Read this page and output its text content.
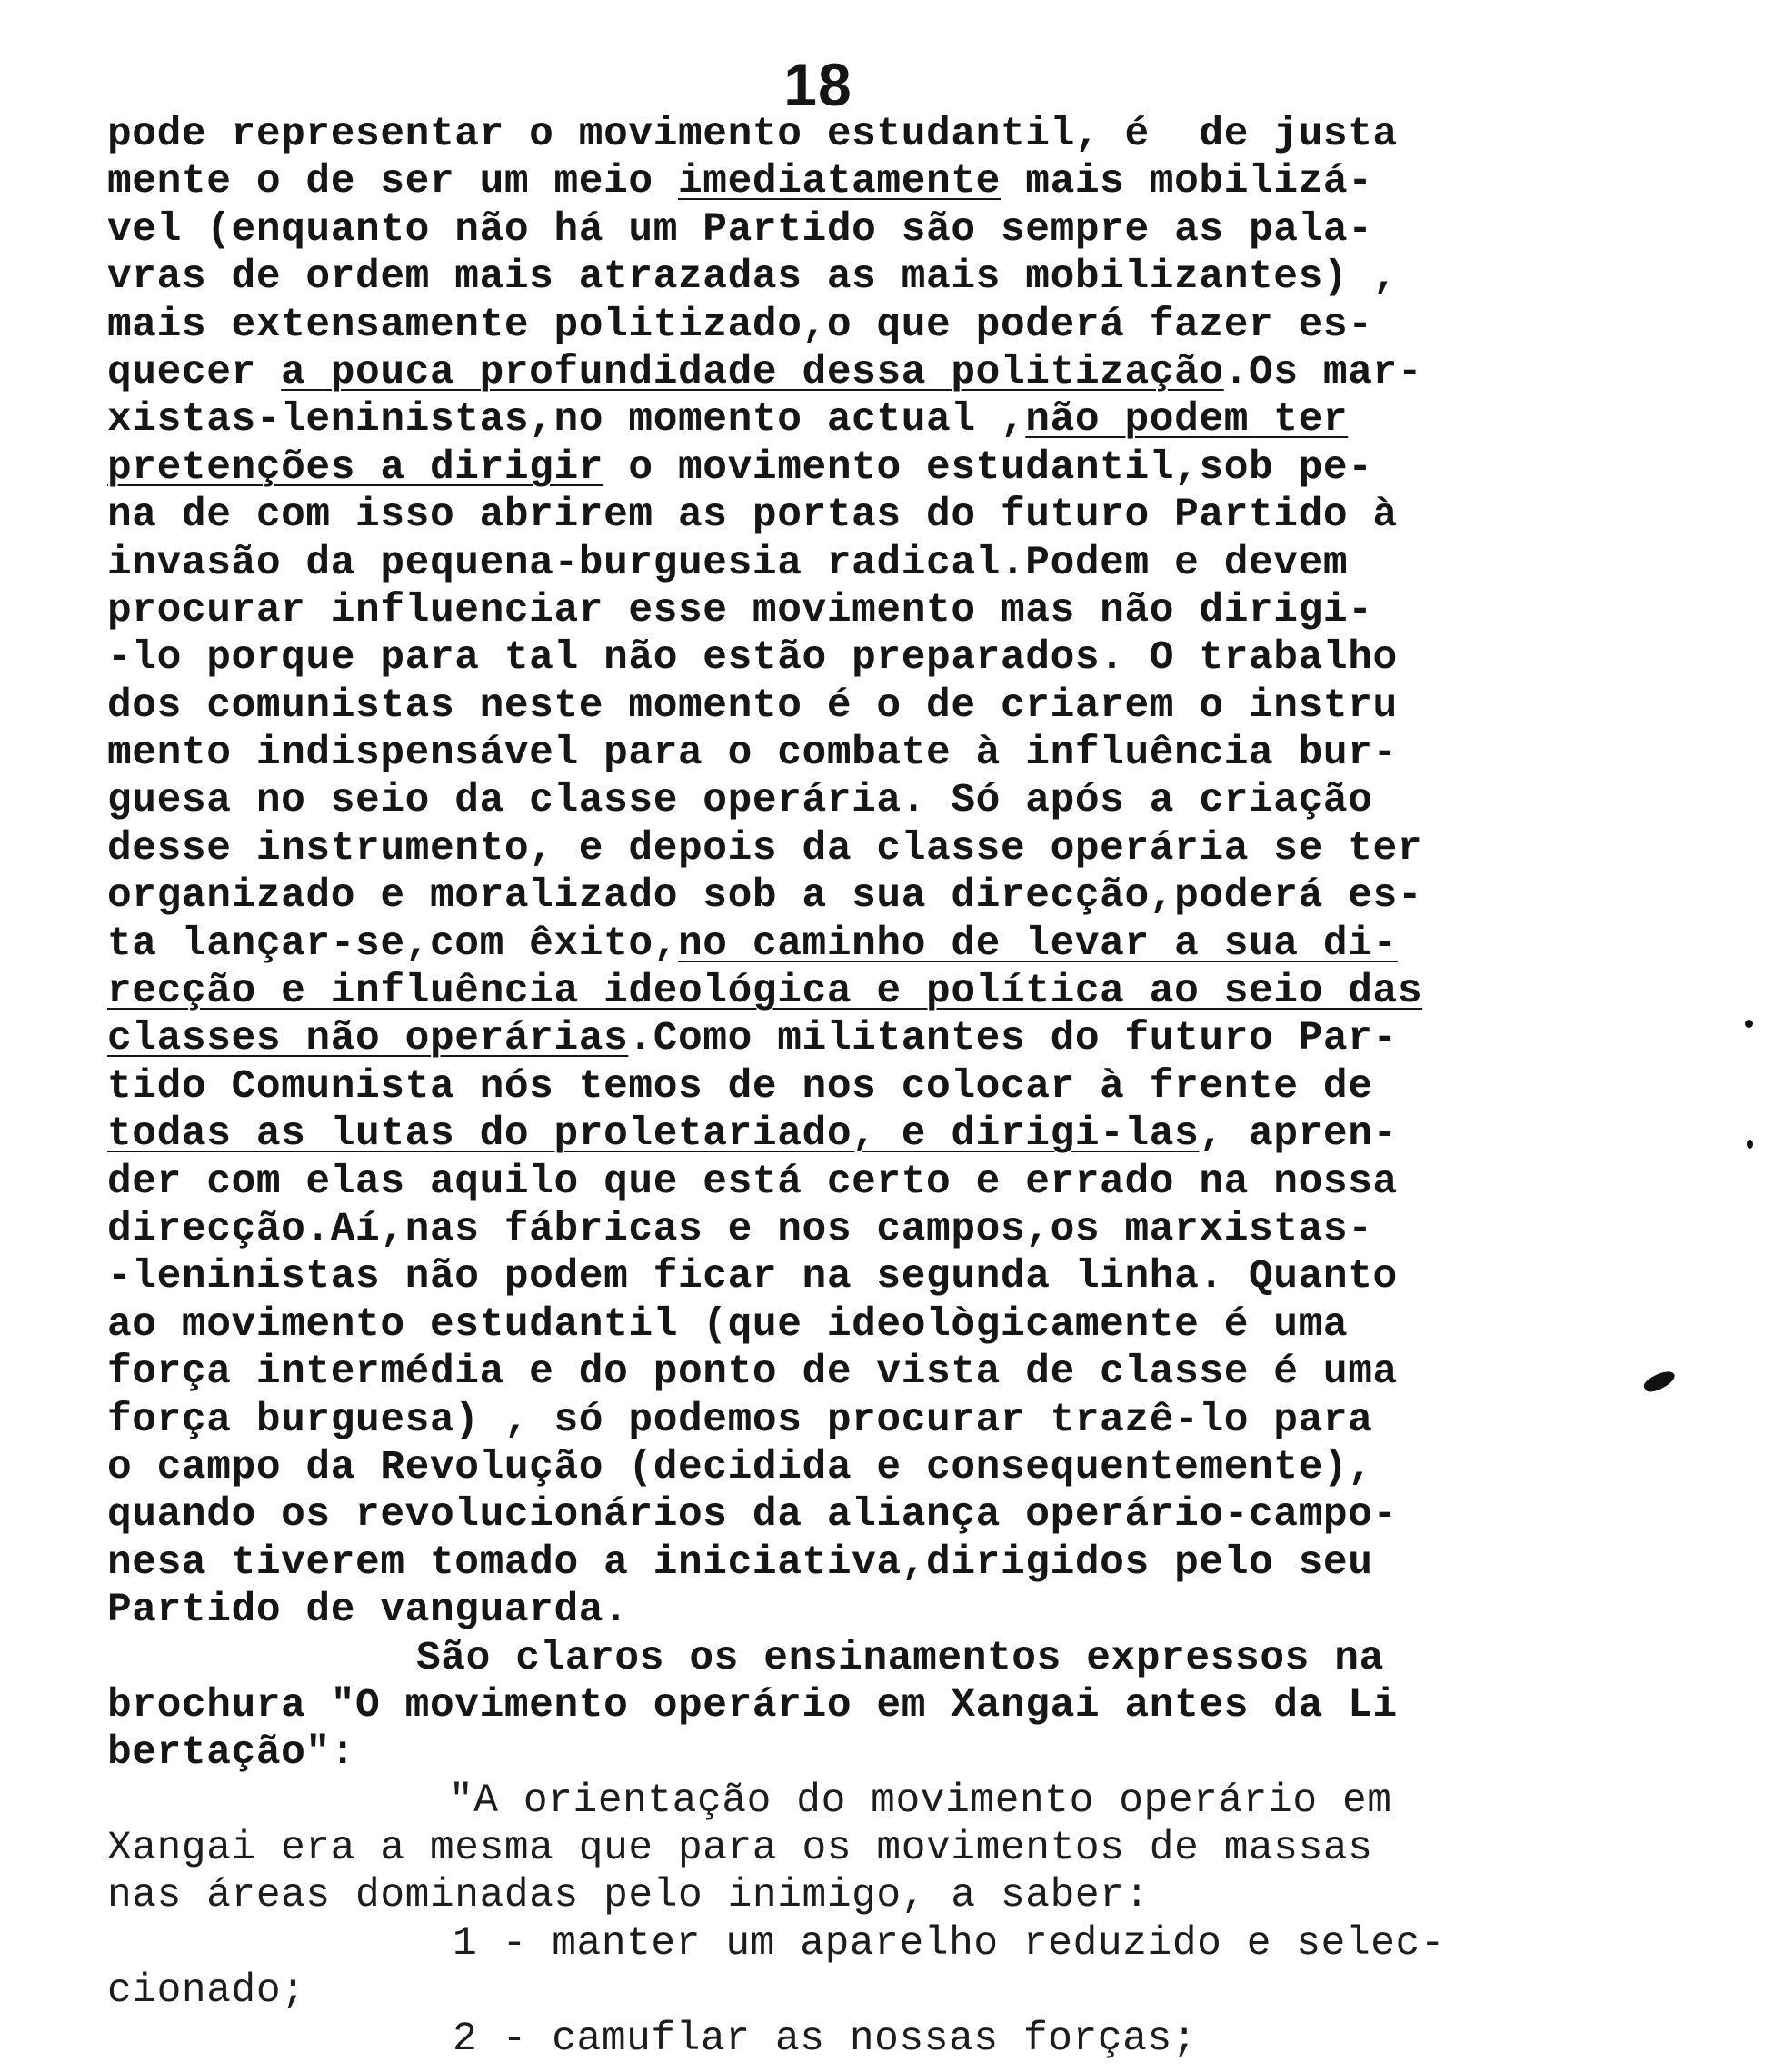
18
pode representar o movimento estudantil, é  de justa
mente o de ser um meio imediatamente mais mobilizá-
vel (enquanto não há um Partido são sempre as pala-
vras de ordem mais atrazadas as mais mobilizantes) ,
mais extensamente politizado,o que poderá fazer es-
quecer a pouca profundidade dessa politização.Os mar-
xistas-leninistas,no momento actual ,não podem ter
pretenções a dirigir o movimento estudantil,sob pe-
na de com isso abrirem as portas do futuro Partido à
invasão da pequena-burguesia radical.Podem e devem
procurar influenciar esse movimento mas não dirigi-
-lo porque para tal não estão preparados. O trabalho
dos comunistas neste momento é o de criarem o instru
mento indispensável para o combate à influência bur-
guesa no seio da classe operária. Só após a criação
desse instrumento, e depois da classe operária se ter
organizado e moralizado sob a sua direcção,poderá es-
ta lançar-se,com êxito,no caminho de levar a sua di-
recção e influência ideológica e política ao seio das
classes não operárias.Como militantes do futuro Par-
tido Comunista nós temos de nos colocar à frente de
todas as lutas do proletariado, e dirigi-las, apren-
der com elas aquilo que está certo e errado na nossa
direcção.Aí,nas fábricas e nos campos,os marxistas-
-leninistas não podem ficar na segunda linha. Quanto
ao movimento estudantil (que ideològicamente é uma
força intermédia e do ponto de vista de classe é uma
força burguesa) , só podemos procurar trazê-lo para
o campo da Revolução (decidida e consequentemente),
quando os revolucionários da aliança operário-campo-
nesa tiverem tomado a iniciativa,dirigidos pelo seu
Partido de vanguarda.
São claros os ensinamentos expressos na
brochura "O movimento operário em Xangai antes da Li
bertação":
"A orientação do movimento operário em
Xangai era a mesma que para os movimentos de massas
nas áreas dominadas pelo inimigo, a saber:
1 - manter um aparelho reduzido e selec-
cionado;
2 - camuflar as nossas forças;
